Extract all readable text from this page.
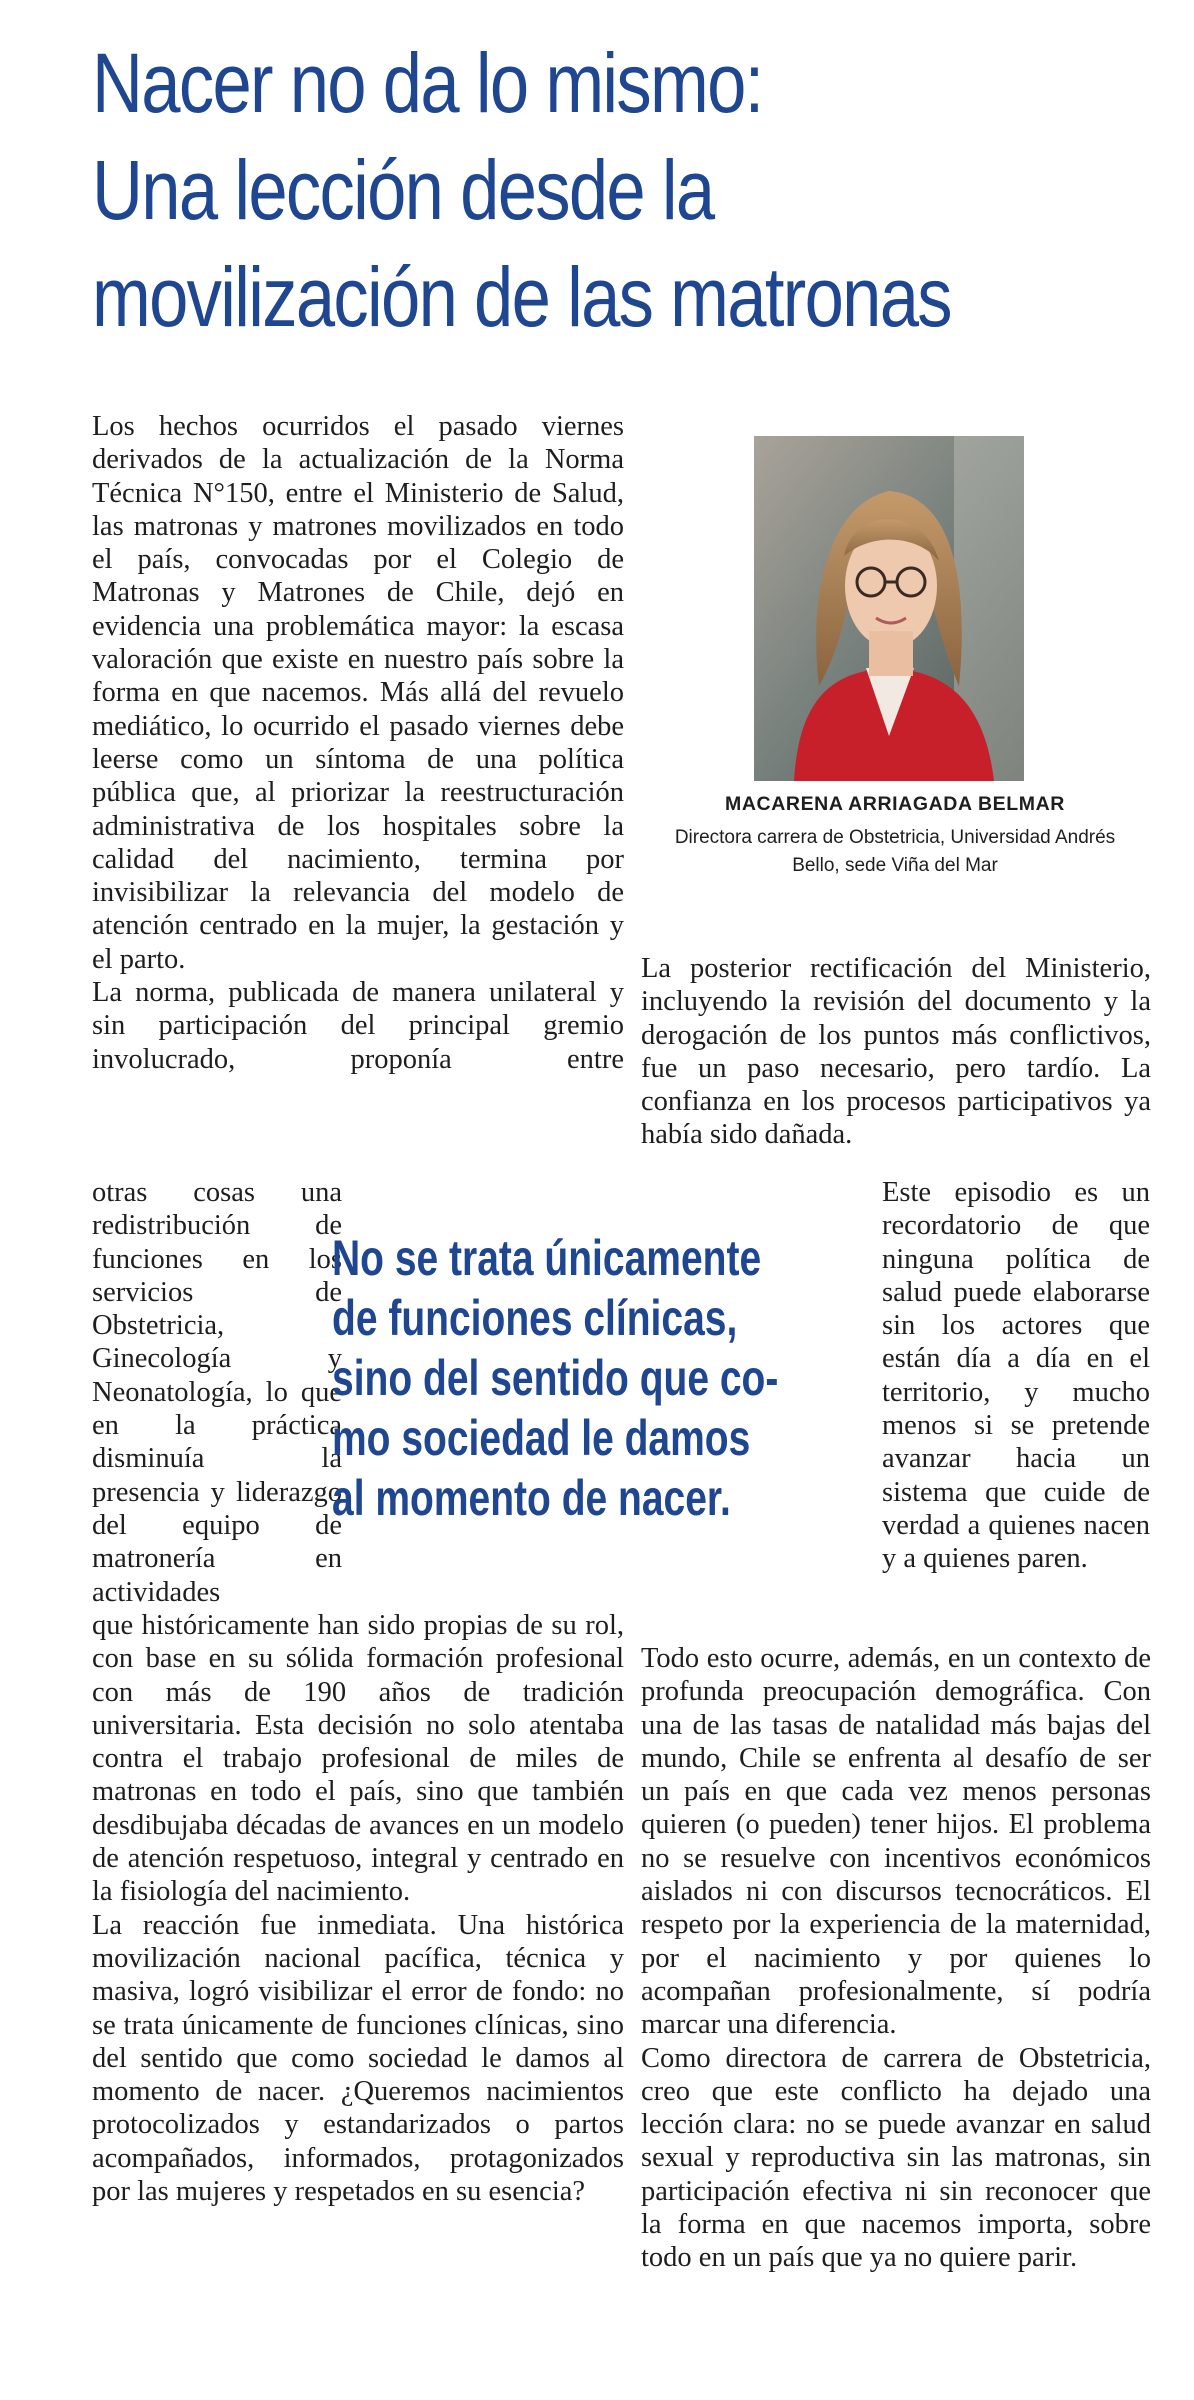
Nacer no da lo mismo:
Una lección desde la
movilización de las matronas

Los hechos ocurridos el pasado viernes derivados de la actualización de la Norma Técnica N°150, entre el Ministerio de Salud, las matronas y matrones movilizados en todo el país, convocadas por el Colegio de Matronas y Matrones de Chile, dejó en evidencia una problemática mayor: la escasa valoración que existe en nuestro país sobre la forma en que nacemos. Más allá del revuelo mediático, lo ocurrido el pasado viernes debe leerse como un síntoma de una política pública que, al priorizar la reestructuración administrativa de los hospitales sobre la calidad del nacimiento, termina por invisibilizar la relevancia del modelo de atención centrado en la mujer, la gestación y el parto.

La norma, publicada de manera unilateral y sin participación del principal gremio involucrado, proponía entre

otras cosas una redistribución de funciones en los servicios de Obstetricia, Ginecología y Neonatología, lo que en la práctica disminuía la presencia y liderazgo del equipo de matronería en actividades

que históricamente han sido propias de su rol, con base en su sólida formación profesional con más de 190 años de tradición universitaria. Esta decisión no solo atentaba contra el trabajo profesional de miles de matronas en todo el país, sino que también desdibujaba décadas de avances en un modelo de atención respetuoso, integral y centrado en la fisiología del nacimiento.

La reacción fue inmediata. Una histórica movilización nacional pacífica, técnica y masiva, logró visibilizar el error de fondo: no se trata únicamente de funciones clínicas, sino del sentido que como sociedad le damos al momento de nacer. ¿Queremos nacimientos protocolizados y estandarizados o partos acompañados, informados, protagonizados por las mujeres y respetados en su esencia?

MACARENA ARRIAGADA BELMAR

Directora carrera de Obstetricia, Universidad Andrés
Bello, sede Viña del Mar

La posterior rectificación del Ministerio, incluyendo la revisión del documento y la derogación de los puntos más conflictivos, fue un paso necesario, pero tardío. La confianza en los procesos participativos ya había sido dañada.

Este episodio es un recordatorio de que ninguna política de salud puede elaborarse sin los actores que están día a día en el territorio, y mucho menos si se pretende avanzar hacia un sistema que cuide de verdad a quienes nacen y a quienes paren.

No se trata únicamente
de funciones clínicas,
sino del sentido que co-
mo sociedad le damos
al momento de nacer.

Todo esto ocurre, además, en un contexto de profunda preocupación demográfica. Con una de las tasas de natalidad más bajas del mundo, Chile se enfrenta al desafío de ser un país en que cada vez menos personas quieren (o pueden) tener hijos. El problema no se resuelve con incentivos económicos aislados ni con discursos tecnocráticos. El respeto por la experiencia de la maternidad, por el nacimiento y por quienes lo acompañan profesionalmente, sí podría marcar una diferencia.

Como directora de carrera de Obstetricia, creo que este conflicto ha dejado una lección clara: no se puede avanzar en salud sexual y reproductiva sin las matronas, sin participación efectiva ni sin reconocer que la forma en que nacemos importa, sobre todo en un país que ya no quiere parir.
